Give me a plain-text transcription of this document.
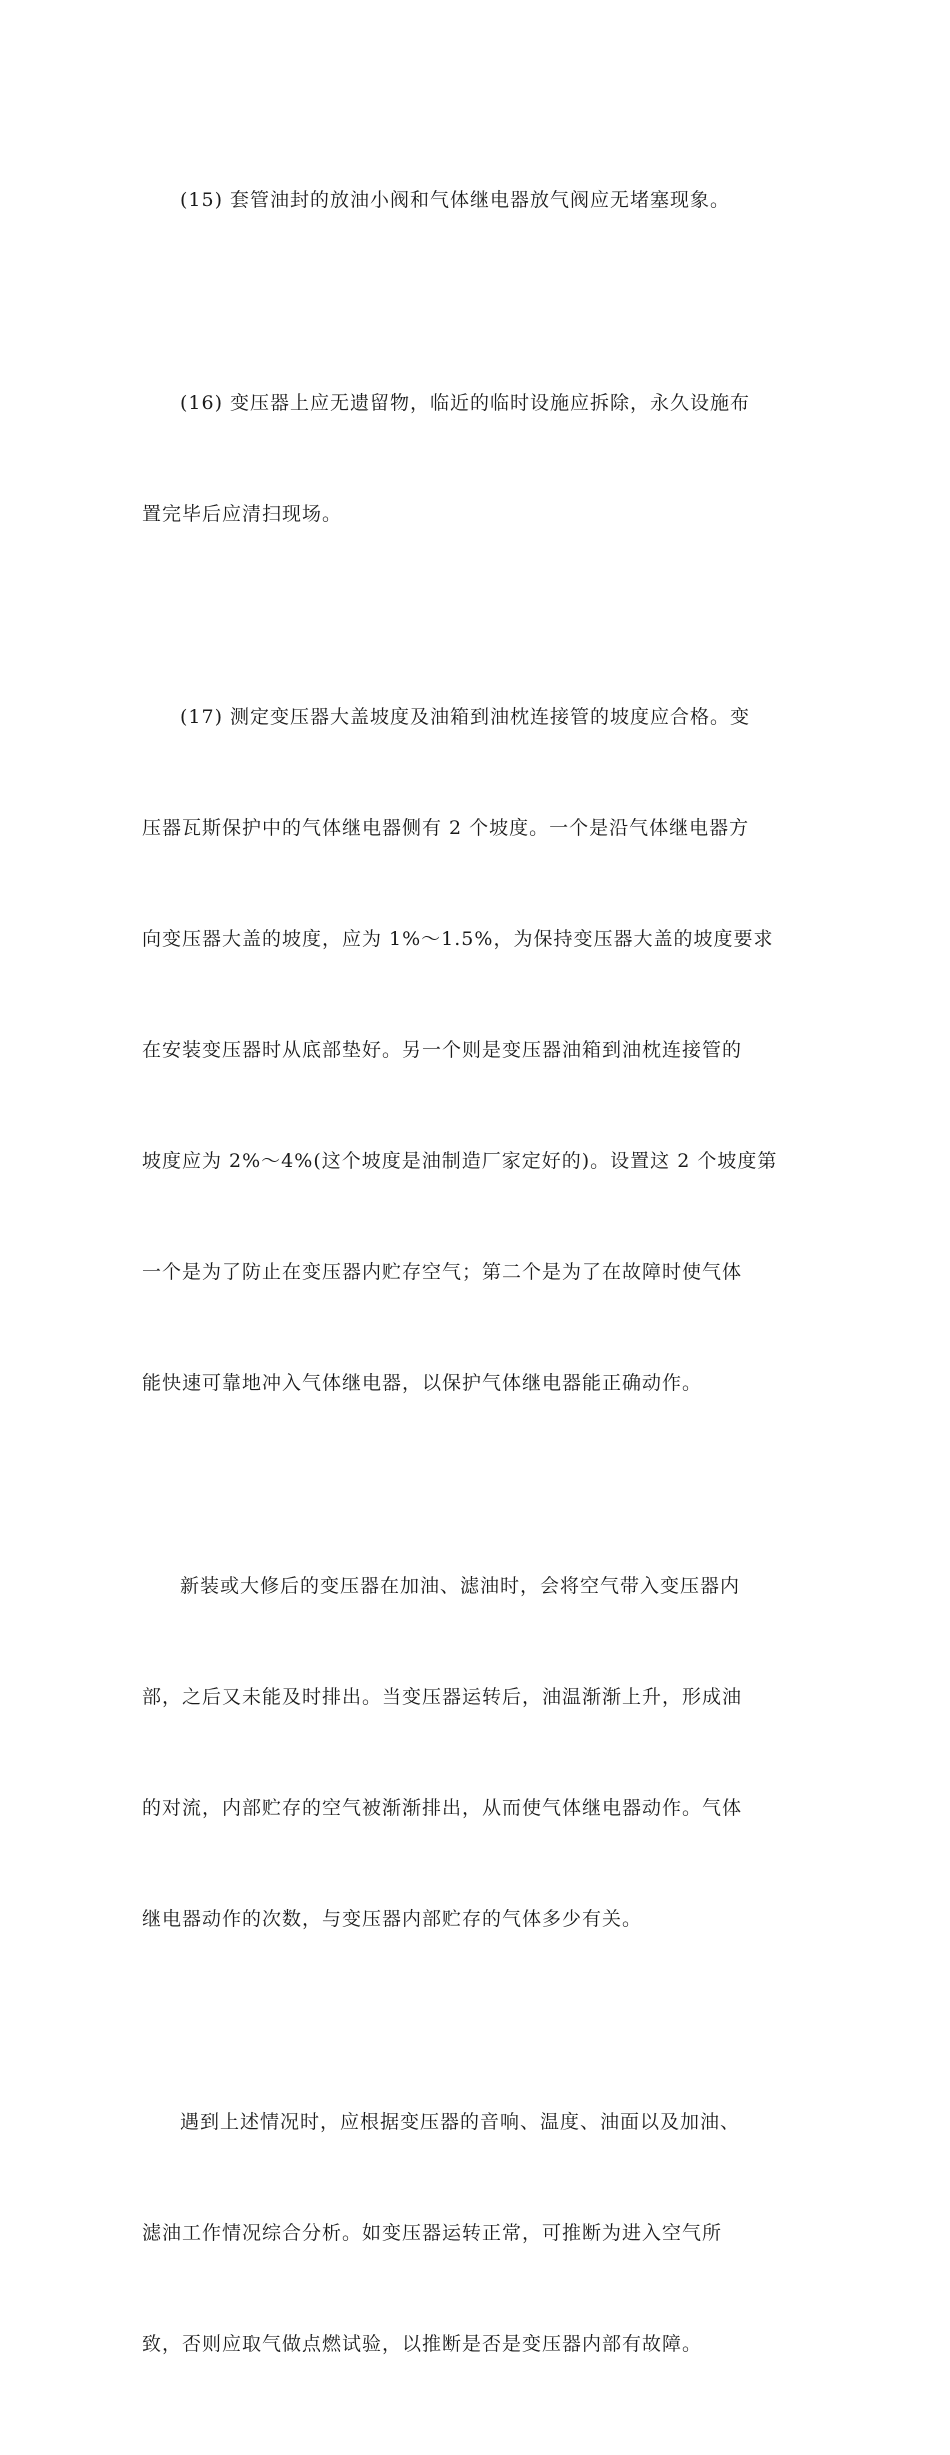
(15) 套管油封的放油小阀和气体继电器放气阀应无堵塞现象。

(16) 变压器上应无遗留物，临近的临时设施应拆除，永久设施布

置完毕后应清扫现场。

(17) 测定变压器大盖坡度及油箱到油枕连接管的坡度应合格。变

压器瓦斯保护中的气体继电器侧有 2 个坡度。一个是沿气体继电器方

向变压器大盖的坡度，应为 1%～1.5%，为保持变压器大盖的坡度要求

在安装变压器时从底部垫好。另一个则是变压器油箱到油枕连接管的

坡度应为 2%～4%(这个坡度是油制造厂家定好的)。设置这 2 个坡度第

一个是为了防止在变压器内贮存空气；第二个是为了在故障时使气体

能快速可靠地冲入气体继电器，以保护气体继电器能正确动作。

新装或大修后的变压器在加油、滤油时，会将空气带入变压器内

部，之后又未能及时排出。当变压器运转后，油温渐渐上升，形成油

的对流，内部贮存的空气被渐渐排出，从而使气体继电器动作。气体

继电器动作的次数，与变压器内部贮存的气体多少有关。

遇到上述情况时，应根据变压器的音响、温度、油面以及加油、

滤油工作情况综合分析。如变压器运转正常，可推断为进入空气所

致，否则应取气做点燃试验，以推断是否是变压器内部有故障。
